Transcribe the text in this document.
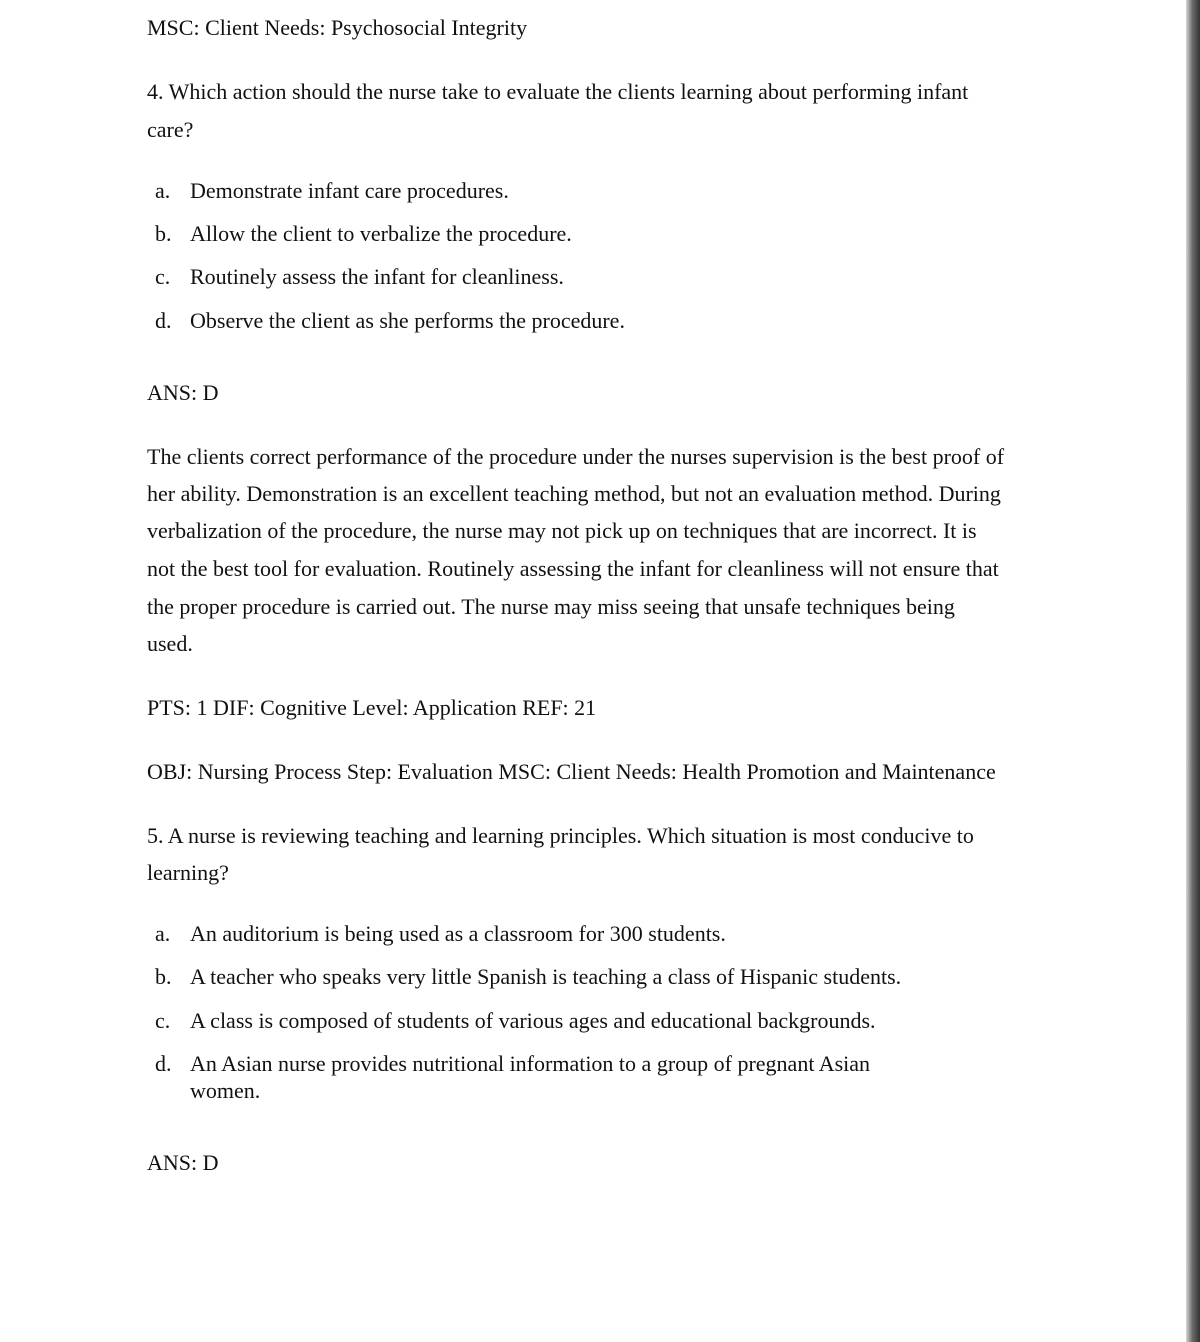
MSC: Client Needs: Psychosocial Integrity

4. Which action should the nurse take to evaluate the clients learning about performing infant

care?

a. Demonstrate infant care procedures.
b. Allow the client to verbalize the procedure.
c. Routinely assess the infant for cleanliness.
d. Observe the client as she performs the procedure.

ANS: D

The clients correct performance of the procedure under the nurses supervision is the best proof of

her ability. Demonstration is an excellent teaching method, but not an evaluation method. During

verbalization of the procedure, the nurse may not pick up on techniques that are incorrect. It is

not the best tool for evaluation. Routinely assessing the infant for cleanliness will not ensure that

the proper procedure is carried out. The nurse may miss seeing that unsafe techniques being

used.

PTS: 1 DIF: Cognitive Level: Application REF: 21

OBJ: Nursing Process Step: Evaluation MSC: Client Needs: Health Promotion and Maintenance

5. A nurse is reviewing teaching and learning principles. Which situation is most conducive to

learning?

a. An auditorium is being used as a classroom for 300 students.
b. A teacher who speaks very little Spanish is teaching a class of Hispanic students.
c. A class is composed of students of various ages and educational backgrounds.
d. An Asian nurse provides nutritional information to a group of pregnant Asian
women.

ANS: D
